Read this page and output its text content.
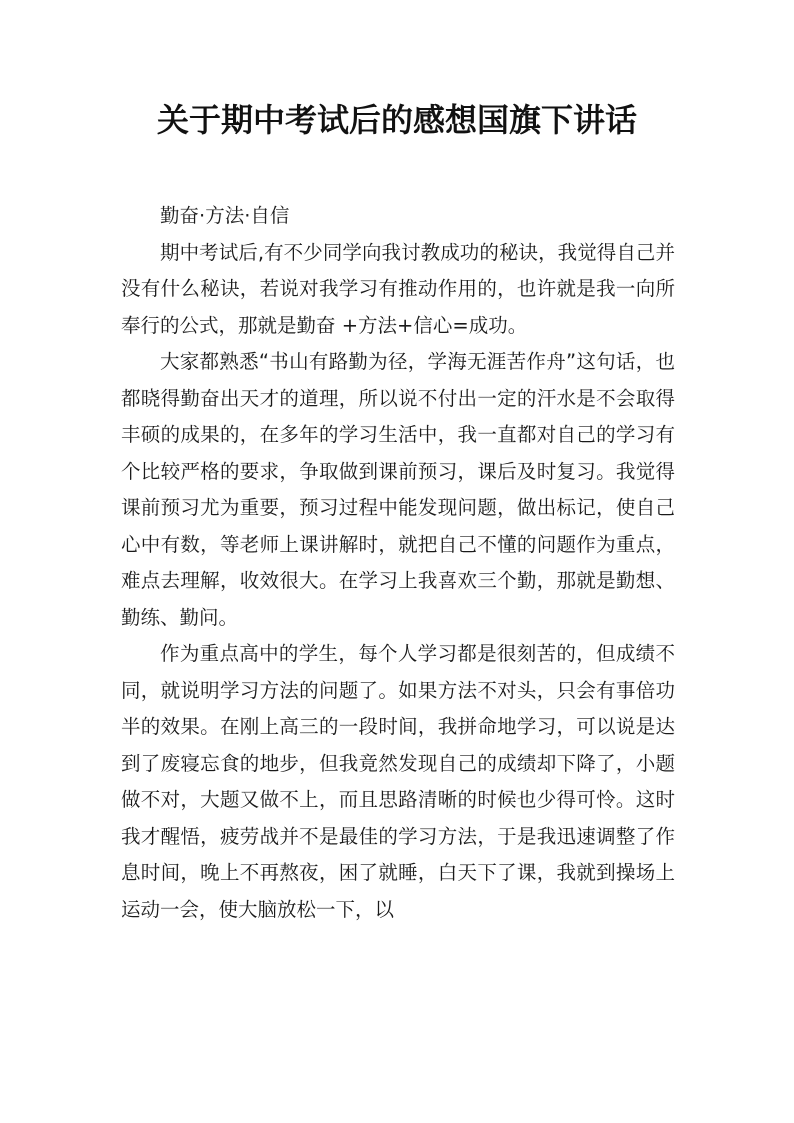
关于期中考试后的感想国旗下讲话

勤奋·方法·自信

期中考试后,有不少同学向我讨教成功的秘诀，我觉得自己并没有什么秘诀，若说对我学习有推动作用的，也许就是我一向所奉行的公式，那就是勤奋 +方法+信心=成功。

大家都熟悉“书山有路勤为径，学海无涯苦作舟”这句话，也都晓得勤奋出天才的道理，所以说不付出一定的汗水是不会取得丰硕的成果的，在多年的学习生活中，我一直都对自己的学习有个比较严格的要求，争取做到课前预习，课后及时复习。我觉得课前预习尤为重要，预习过程中能发现问题，做出标记，使自己心中有数，等老师上课讲解时，就把自己不懂的问题作为重点，难点去理解，收效很大。在学习上我喜欢三个勤，那就是勤想、勤练、勤问。

作为重点高中的学生，每个人学习都是很刻苦的，但成绩不同，就说明学习方法的问题了。如果方法不对头，只会有事倍功半的效果。在刚上高三的一段时间，我拼命地学习，可以说是达到了废寝忘食的地步，但我竟然发现自己的成绩却下降了，小题做不对，大题又做不上，而且思路清晰的时候也少得可怜。这时我才醒悟，疲劳战并不是最佳的学习方法，于是我迅速调整了作息时间，晚上不再熬夜，困了就睡，白天下了课，我就到操场上运动一会，使大脑放松一下，以
